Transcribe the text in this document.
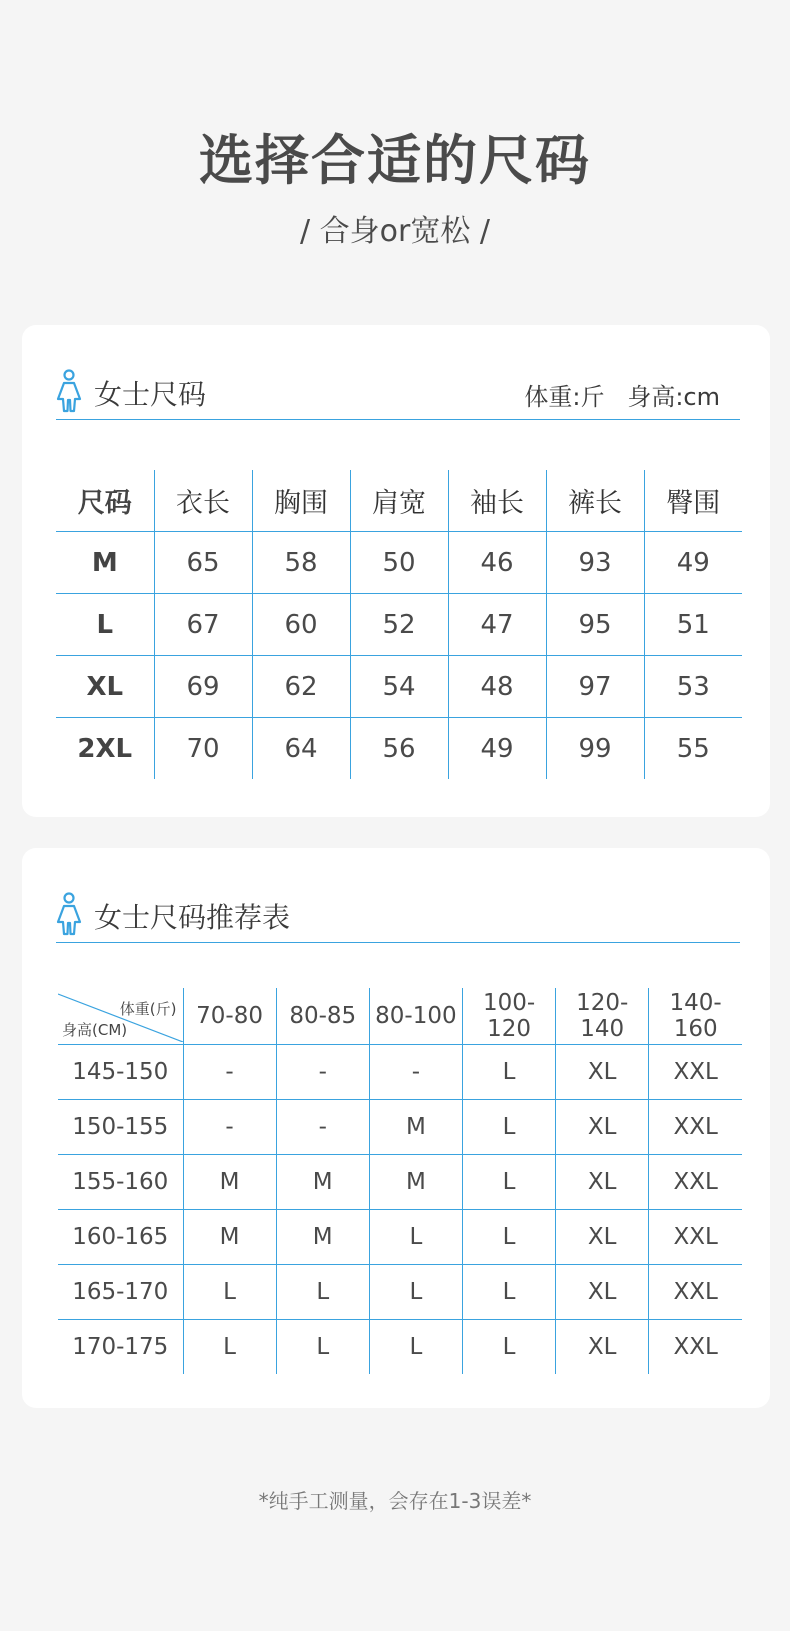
选择合适的尺码
/ 合身or宽松 /
女士尺码	体重:斤   身高:cm
尺码	衣长	胸围	肩宽	袖长	裤长	臀围
M	65	58	50	46	93	49
L	67	60	52	47	95	51
XL	69	62	54	48	97	53
2XL	70	64	56	49	99	55
女士尺码推荐表
体重(斤)
身高(CM)	70-80	80-85	80-100	100-120	120-140	140-160
145-150	-	-	-	L	XL	XXL
150-155	-	-	M	L	XL	XXL
155-160	M	M	M	L	XL	XXL
160-165	M	M	L	L	XL	XXL
165-170	L	L	L	L	XL	XXL
170-175	L	L	L	L	XL	XXL
*纯手工测量，会存在1-3误差*
